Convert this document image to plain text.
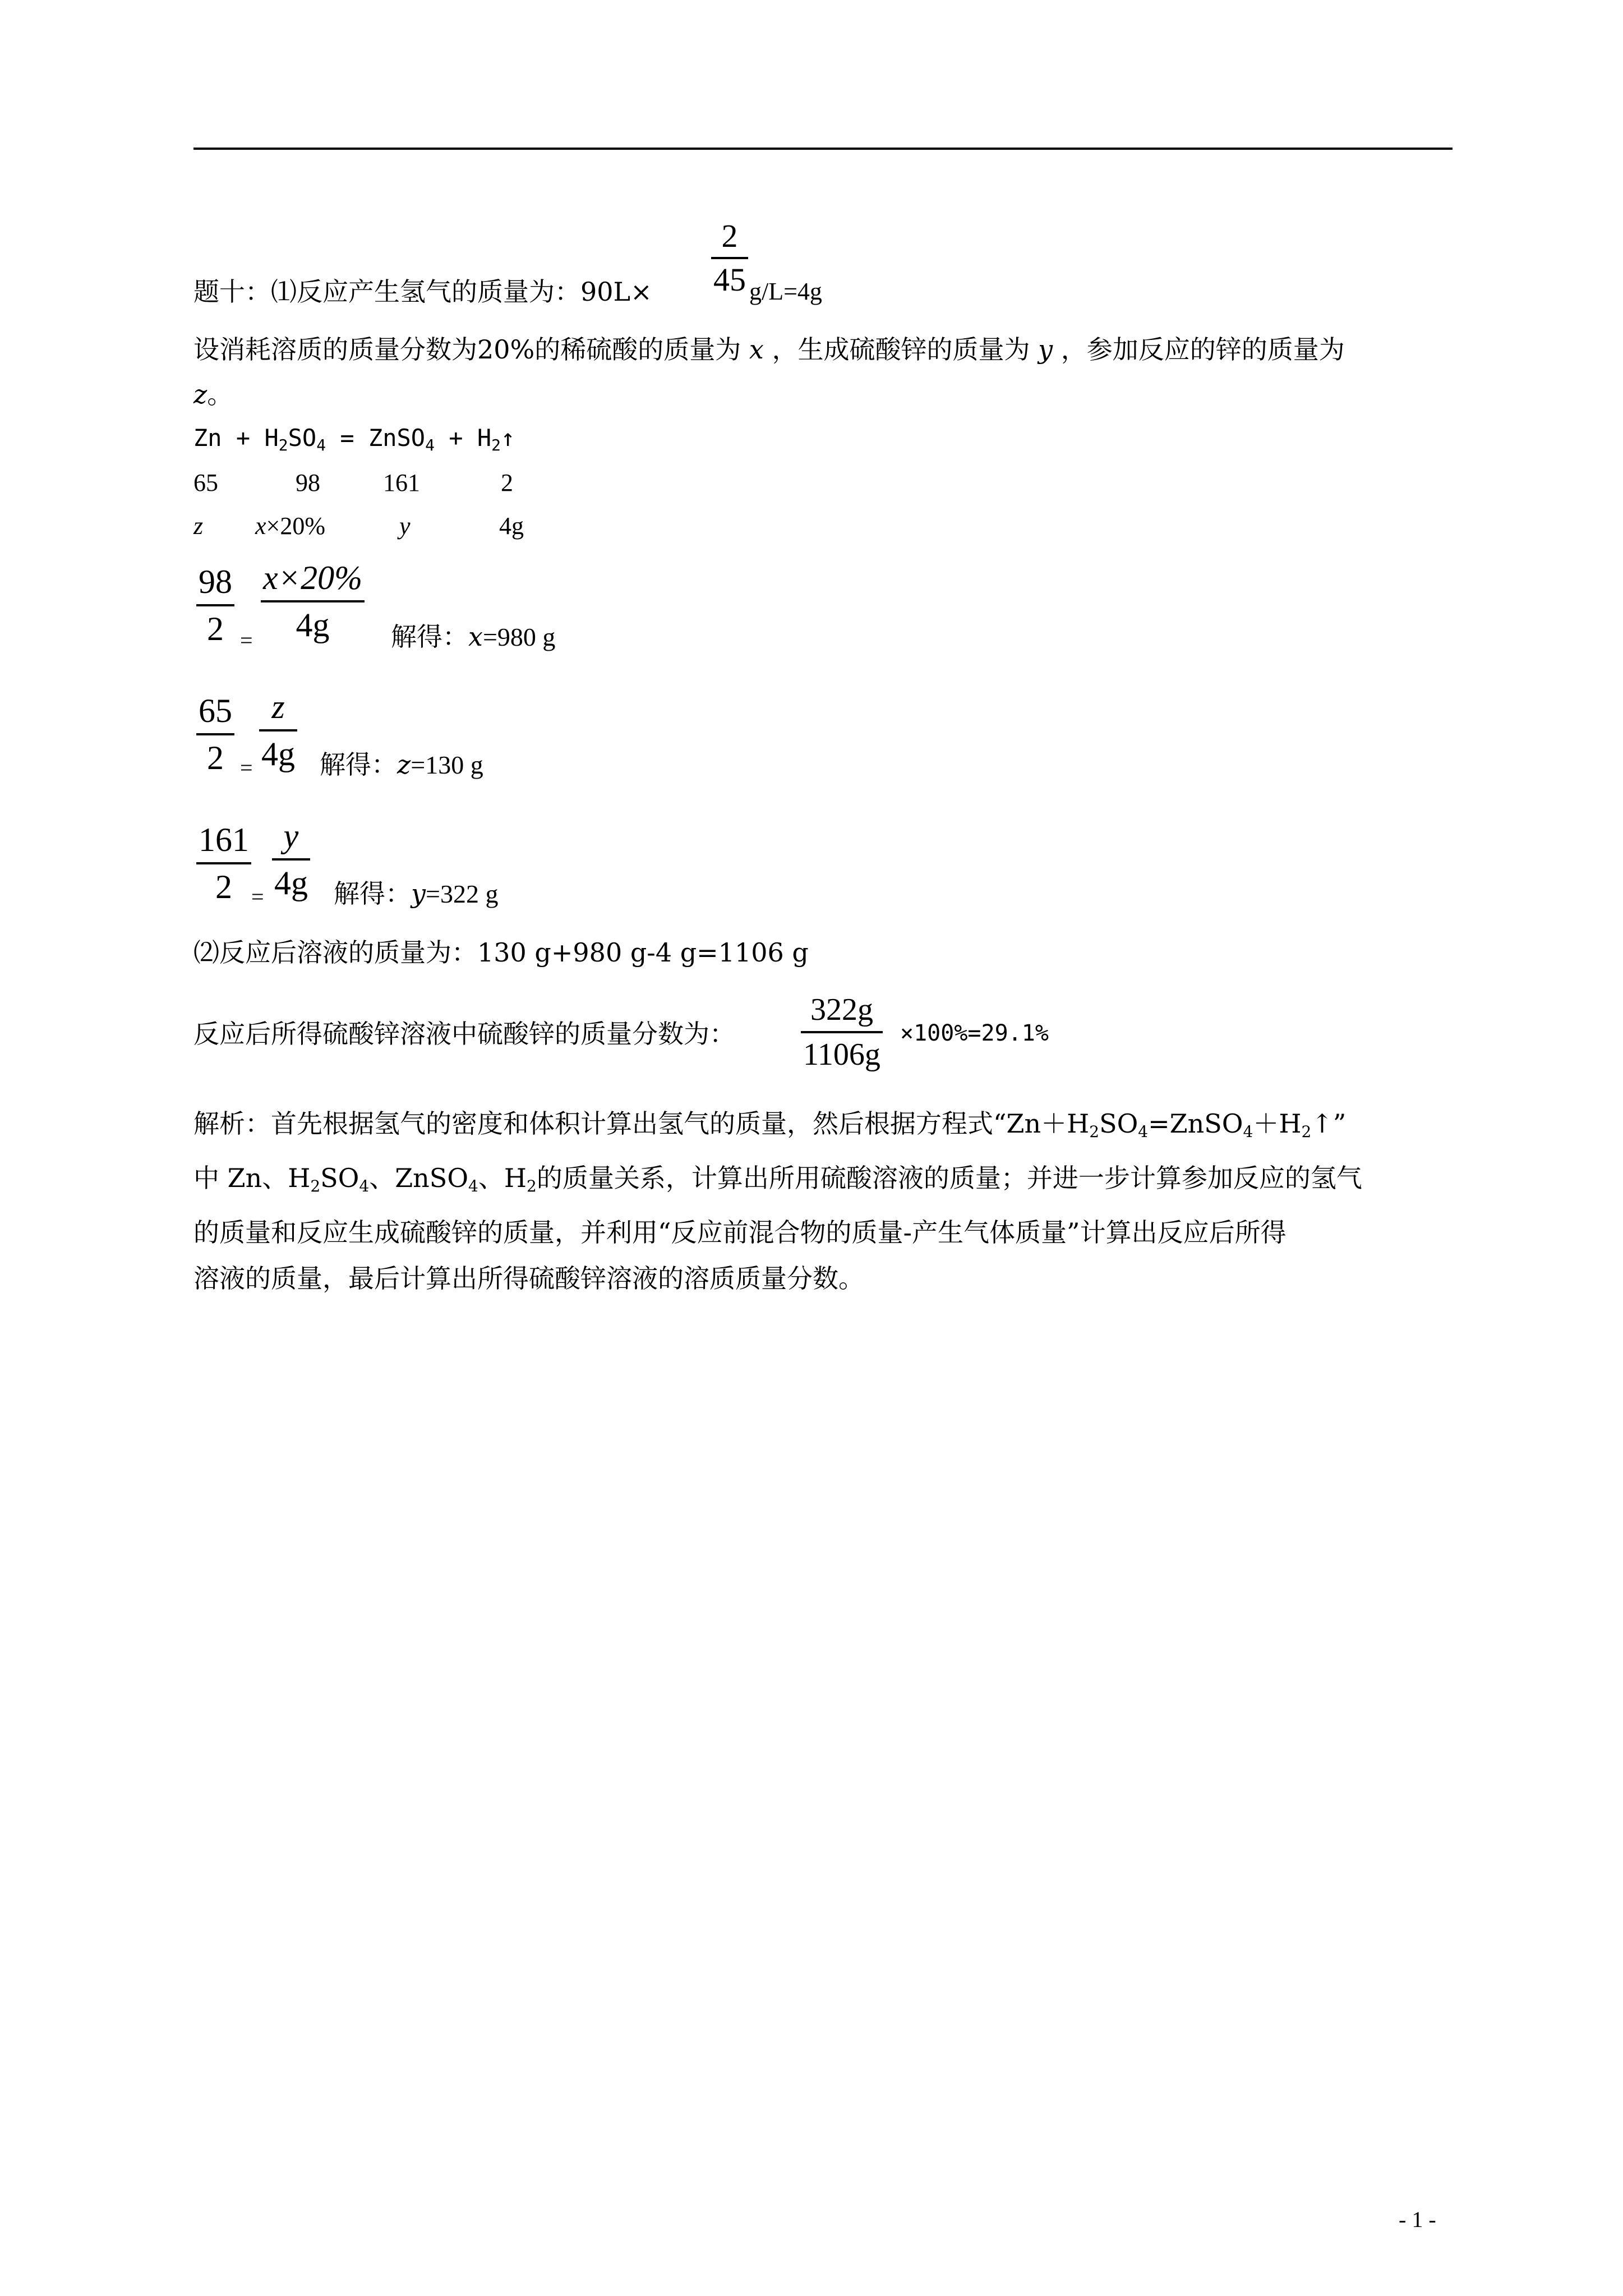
2
45
题十：⑴反应产生氢气的质量为：90L×	g/L=4g
设消耗溶质的质量分数为20%的稀硫酸的质量为 x ，生成硫酸锌的质量为 y ，参加反应的锌的质量为
z。
$Zn + H_2SO_4$ = ZnSO$_4$ + $H_2↑$
65	98	161	2
z x×20%	y	4g
98
2 =
x×20%
4g	解得：x=980 g
65
2 =
z
4g 解得：z=130 g
161
2 =
y
4g 解得：y=322 g
⑵反应后溶液的质量为：130 g+980 g-4 g=1106 g
反应后所得硫酸锌溶液中硫酸锌的质量分数为：
322g
1106g
×100%=29.1%
解析：首先根据氢气的密度和体积计算出氢气的质量，然后根据方程式“$Zn+H_2SO_4=ZnSO_4+H_2↑$”
中 Zn、$H_2SO_4$、ZnSO$_4$、$H_2$的质量关系，计算出所用硫酸溶液的质量；并进一步计算参加反应的氢气
的质量和反应生成硫酸锌的质量，并利用“反应前混合物的质量-产生气体质量”计算出反应后所得
溶液的质量，最后计算出所得硫酸锌溶液的溶质质量分数。
- 1 -
